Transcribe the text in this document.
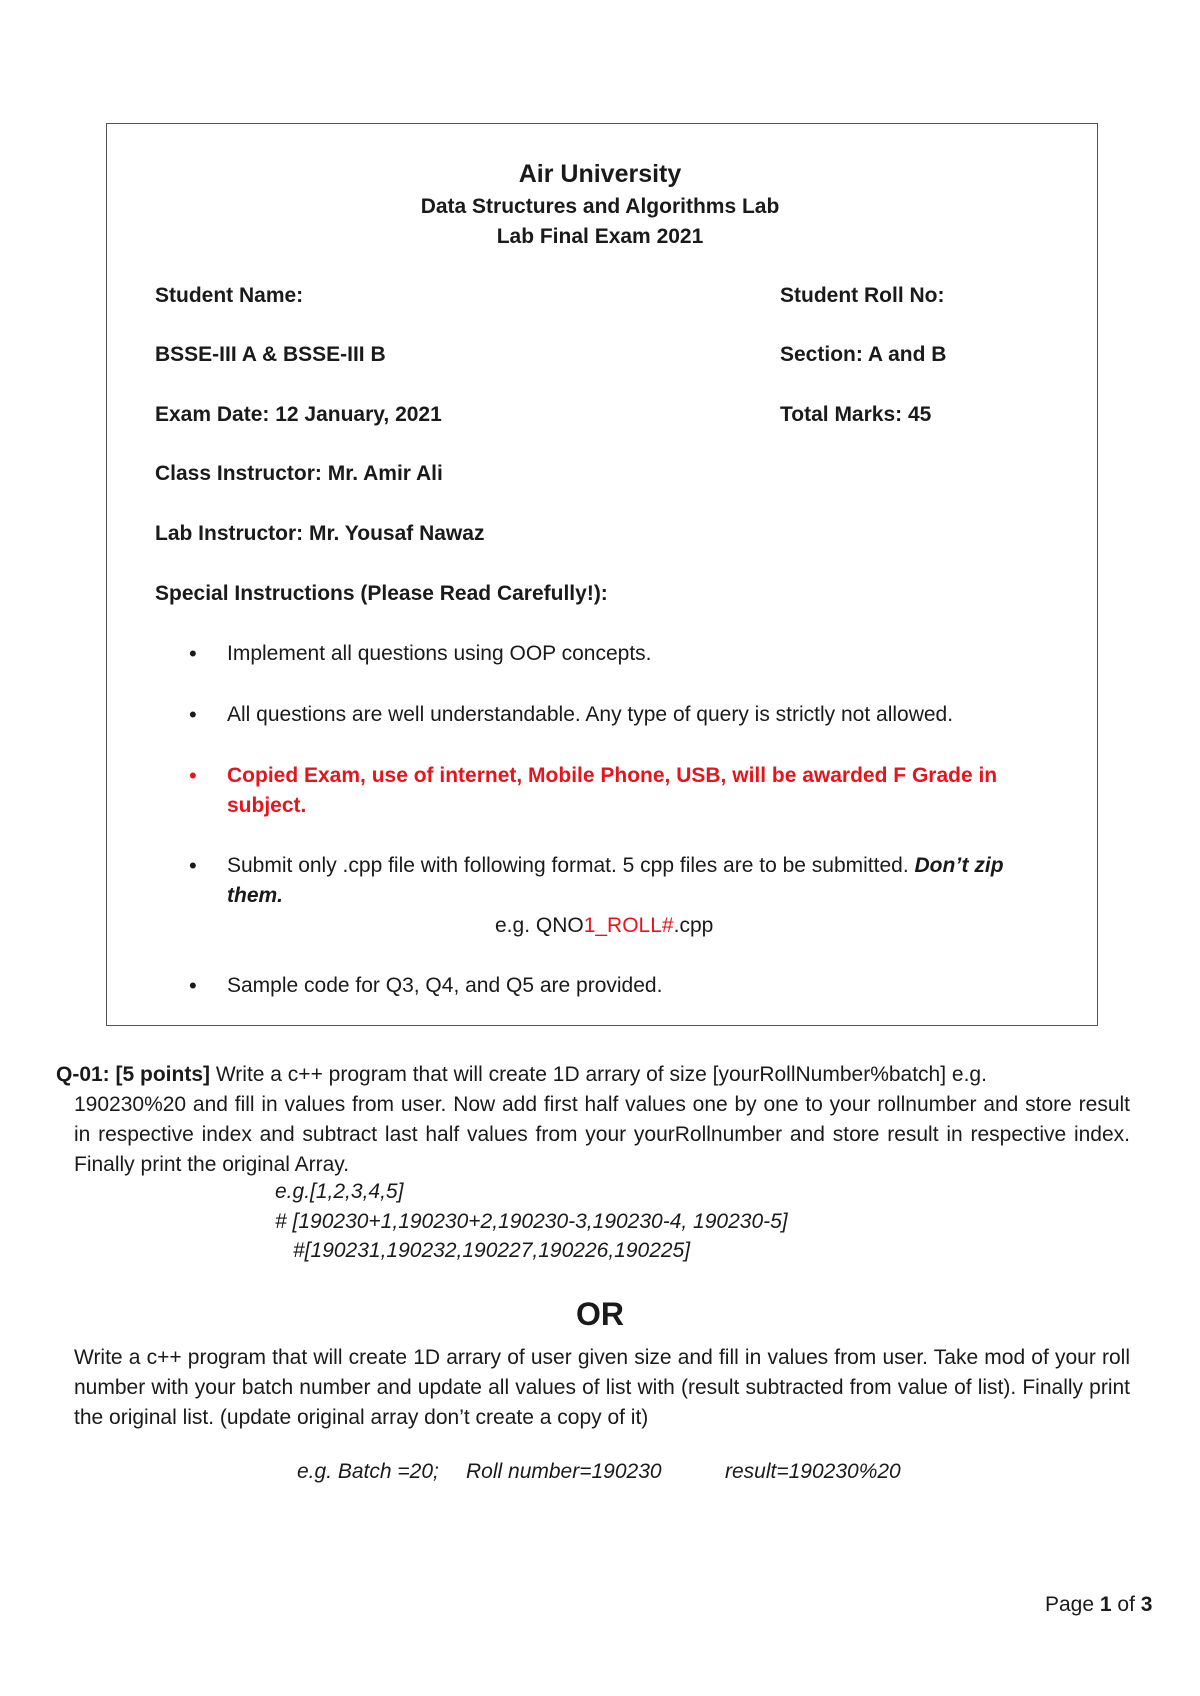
Air University
Data Structures and Algorithms Lab
Lab Final Exam 2021
Student Name:	Student Roll No:
BSSE-III A & BSSE-III B	Section: A and B
Exam Date: 12 January, 2021	Total Marks: 45
Class Instructor: Mr. Amir Ali
Lab Instructor: Mr. Yousaf Nawaz
Special Instructions (Please Read Carefully!):
• Implement all questions using OOP concepts.
• All questions are well understandable. Any type of query is strictly not allowed.
• Copied Exam, use of internet, Mobile Phone, USB, will be awarded F Grade in
subject.
• Submit only .cpp file with following format. 5 cpp files are to be submitted. Don’t zip
them.
e.g. QNO1_ROLL#.cpp
• Sample code for Q3, Q4, and Q5 are provided.

Q-01: [5 points] Write a c++ program that will create 1D arrary of size [yourRollNumber%batch] e.g.

190230%20 and fill in values from user. Now add first half values one by one to your rollnumber and store result in respective index and subtract last half values from your yourRollnumber and store result in respective index. Finally print the original Array.

e.g.[1,2,3,4,5]
# [190230+1,190230+2,190230-3,190230-4, 190230-5]
#[190231,190232,190227,190226,190225]
OR

Write a c++ program that will create 1D arrary of user given size and fill in values from user. Take mod of your roll number with your batch number and update all values of list with (result subtracted from value of list). Finally print the original list. (update original array don’t create a copy of it)

e.g. Batch =20; Roll number=190230	result=190230%20
Page 1 of 3
